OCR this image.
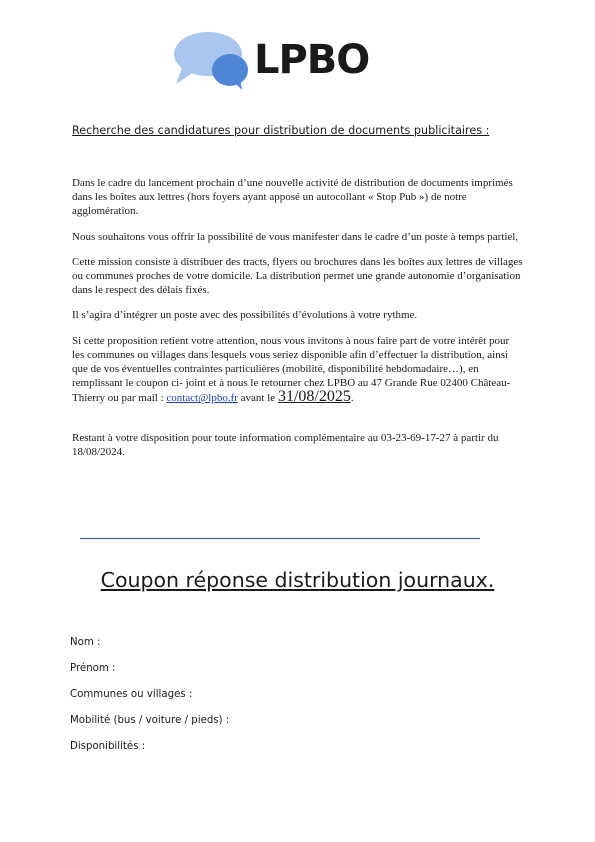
LPBO
Recherche des candidatures pour distribution de documents publicitaires :

Dans le cadre du lancement prochain d’une nouvelle activité de distribution de documents imprimés dans les boîtes aux lettres (hors foyers ayant apposé un autocollant « Stop Pub ») de notre agglomération.

Nous souhaitons vous offrir la possibilité de vous manifester dans le cadre d’un poste à temps partiel,

Cette mission consiste à distribuer des tracts, flyers ou brochures dans les boîtes aux lettres de villages ou communes proches de votre domicile. La distribution permet une grande autonomie d’organisation dans le respect des délais fixés.

Il s’agira d’intégrer un poste avec des possibilités d’évolutions à votre rythme.

Si cette proposition retient votre attention, nous vous invitons à nous faire part de votre intérêt pour les communes ou villages dans lesquels vous seriez disponible afin d’effectuer la distribution, ainsi que de vos éventuelles contraintes particulières (mobilité, disponibilité hebdomadaire…), en remplissant le coupon ci- joint et à nous le retourner chez LPBO au 47 Grande Rue 02400 Château-Thierry ou par mail : contact@lpbo.fr avant le 31/08/2025.

Restant à votre disposition pour toute information complémentaire au 03-23-69-17-27 à partir du 18/08/2024.

Coupon réponse distribution journaux.
Nom :
Prénom :
Communes ou villages :
Mobilité (bus / voiture / pieds) :
Disponibilités :
